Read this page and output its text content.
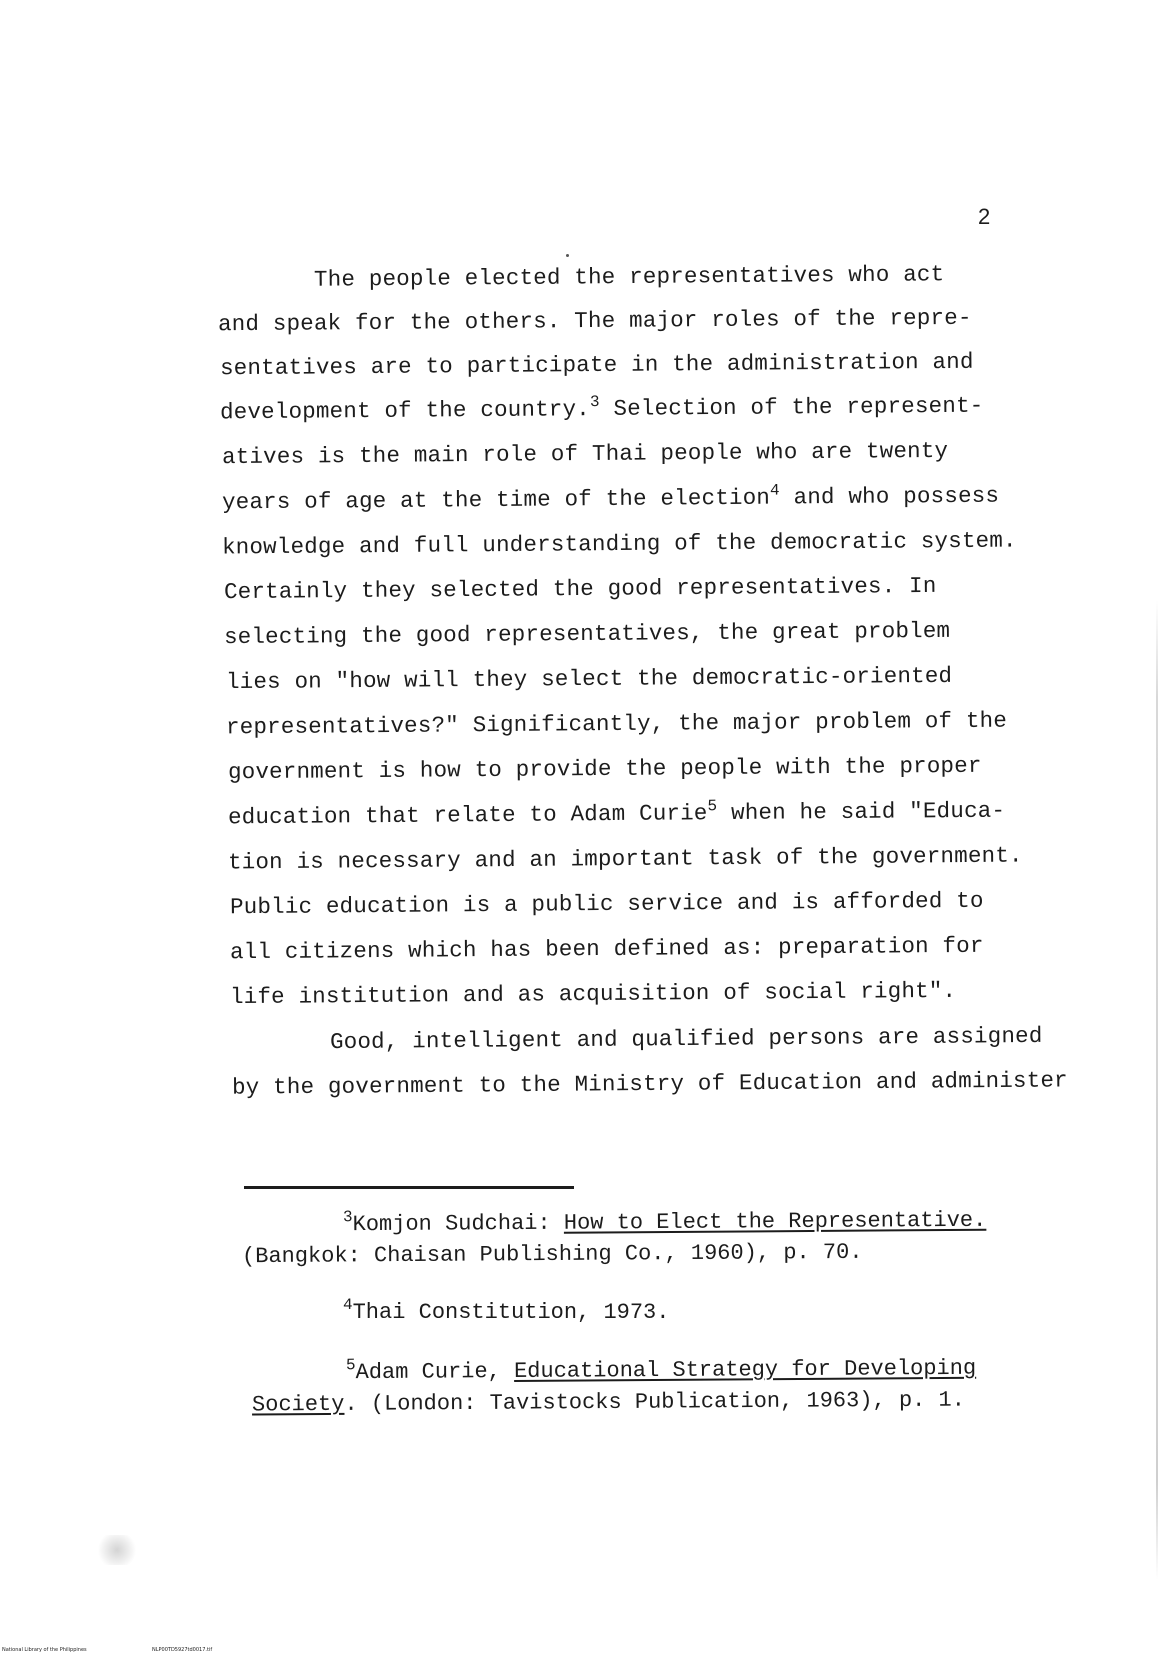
2
The people elected the representatives who act
and speak for the others. The major roles of the repre-
sentatives are to participate in the administration and
development of the country.$^3$ Selection of the represent-
atives is the main role of Thai people who are twenty
years of age at the time of the election$^4$ and who possess
knowledge and full understanding of the democratic system.
Certainly they selected the good representatives. In
selecting the good representatives, the great problem
lies on "how will they select the democratic-oriented
representatives?" Significantly, the major problem of the
government is how to provide the people with the proper
education that relate to Adam Curie$^5$ when he said "Educa-
tion is necessary and an important task of the government.
Public education is a public service and is afforded to
all citizens which has been defined as: preparation for
life institution and as acquisition of social right".
Good, intelligent and qualified persons are assigned
by the government to the Ministry of Education and administer
$^3$Komjon Sudchai: How to Elect the Representative.
(Bangkok: Chaisan Publishing Co., 1960), p. 70.
$^4$Thai Constitution, 1973.
$^5$Adam Curie, Educational Strategy for Developing
Society. (London: Tavistocks Publication, 1963), p. 1.
National Library of the Philippines	NLP00TD5927td0017.tif
